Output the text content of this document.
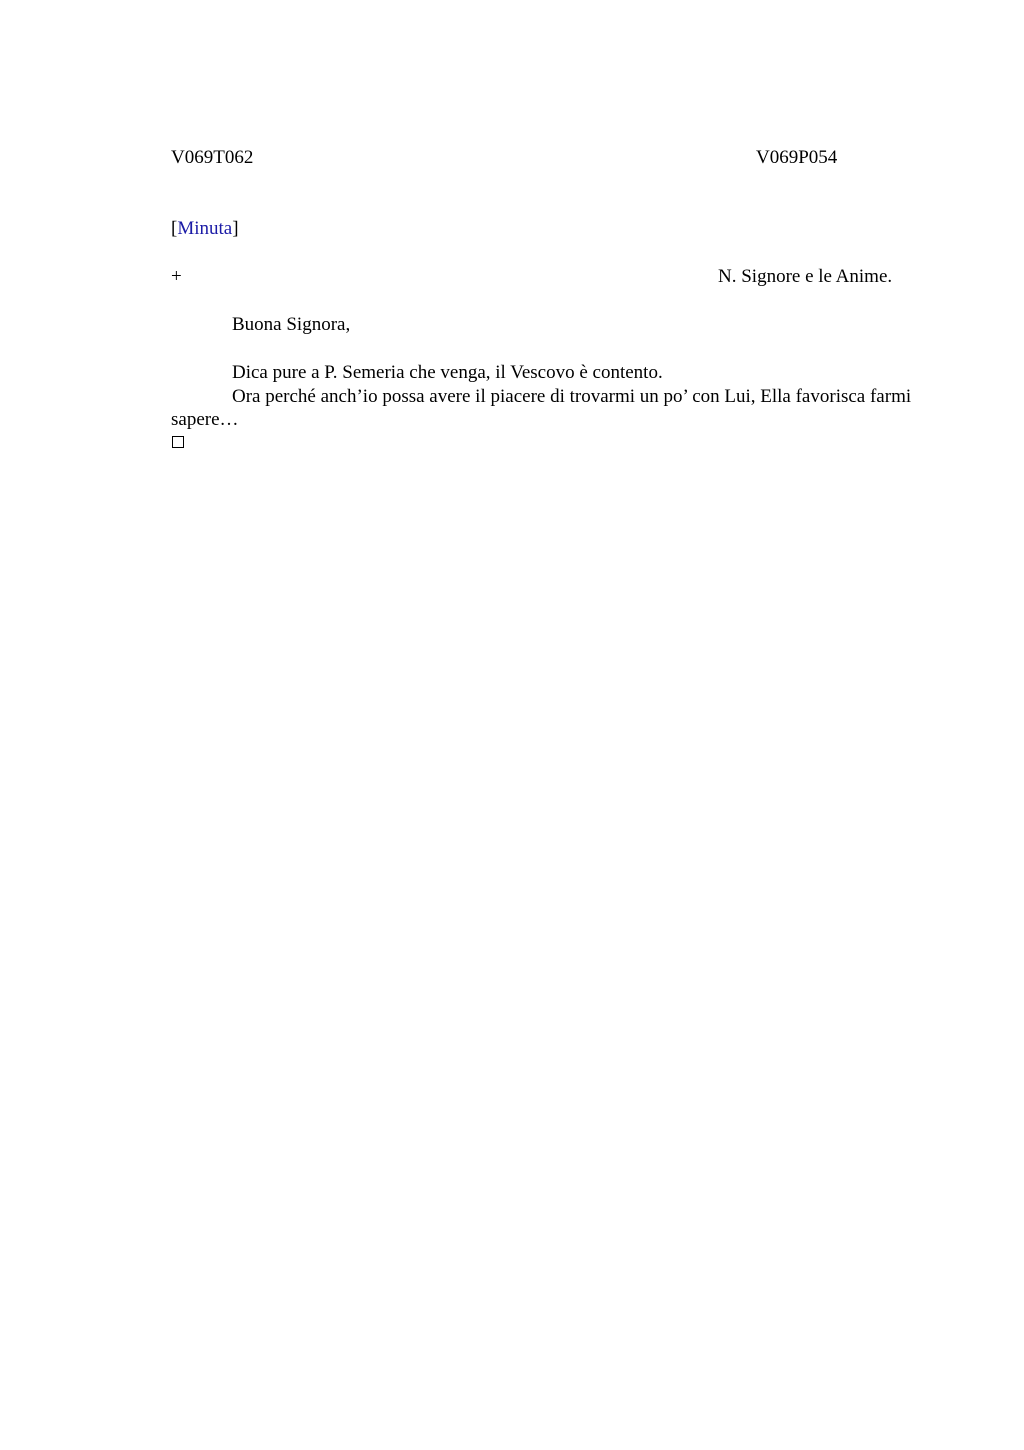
V069T062	V069P054
[Minuta]
+	N. Signore e le Anime.
Buona Signora,

Dica pure a P. Semeria che venga, il Vescovo è contento.

Ora perché anch’io possa avere il piacere di trovarmi un po’ con Lui, Ella favorisca farmi sapere…
